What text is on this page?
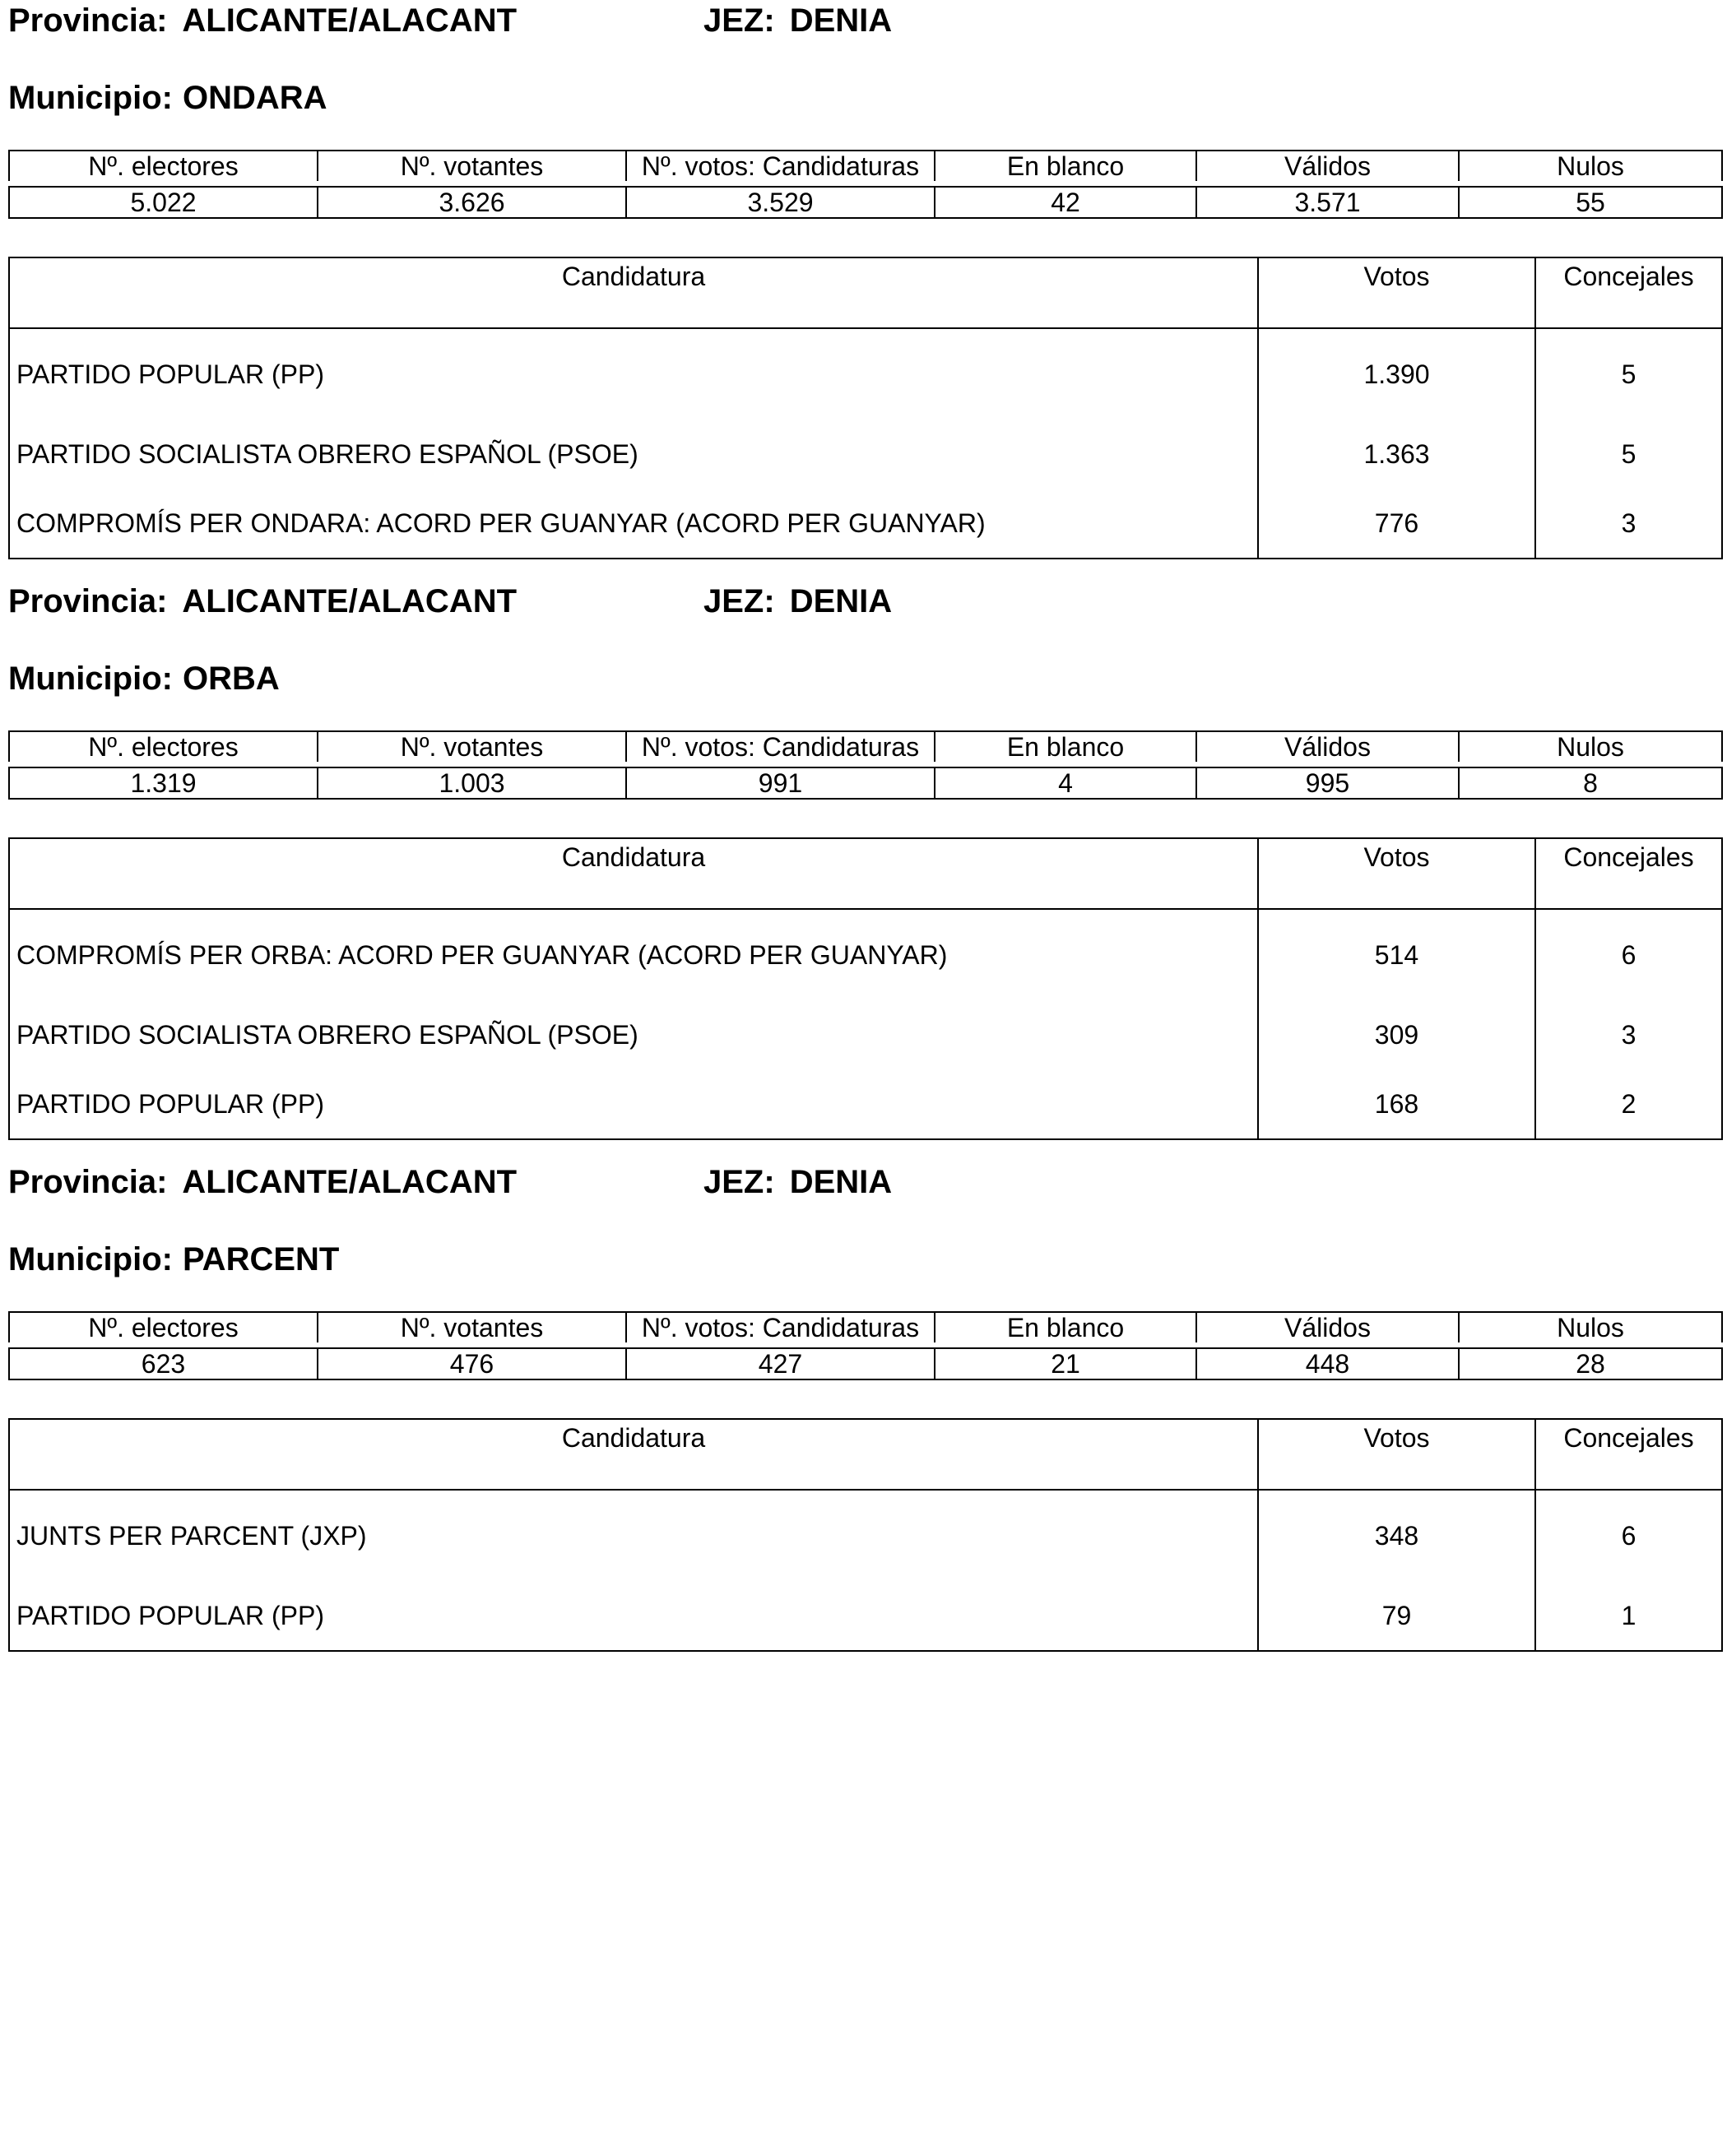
Provincia: ALICANTE/ALACANT	JEZ: DENIA
Municipio: ONDARA
Nº. electores	Nº. votantes	Nº. votos: Candidaturas	En blanco	Válidos	Nulos

5.022	3.626	3.529	42	3.571	55
Candidatura	Votos	Concejales
PARTIDO POPULAR (PP)	1.390	5
PARTIDO SOCIALISTA OBRERO ESPAÑOL (PSOE)	1.363	5
COMPROMÍS PER ONDARA: ACORD PER GUANYAR (ACORD PER GUANYAR)	776	3
Provincia: ALICANTE/ALACANT	JEZ: DENIA
Municipio: ORBA
Nº. electores	Nº. votantes	Nº. votos: Candidaturas	En blanco	Válidos	Nulos

1.319	1.003	991	4	995	8
Candidatura	Votos	Concejales
COMPROMÍS PER ORBA: ACORD PER GUANYAR (ACORD PER GUANYAR)	514	6
PARTIDO SOCIALISTA OBRERO ESPAÑOL (PSOE)	309	3
PARTIDO POPULAR (PP)	168	2
Provincia: ALICANTE/ALACANT	JEZ: DENIA
Municipio: PARCENT
Nº. electores	Nº. votantes	Nº. votos: Candidaturas	En blanco	Válidos	Nulos

623	476	427	21	448	28
Candidatura	Votos	Concejales
JUNTS PER PARCENT (JXP)	348	6
PARTIDO POPULAR (PP)	79	1
